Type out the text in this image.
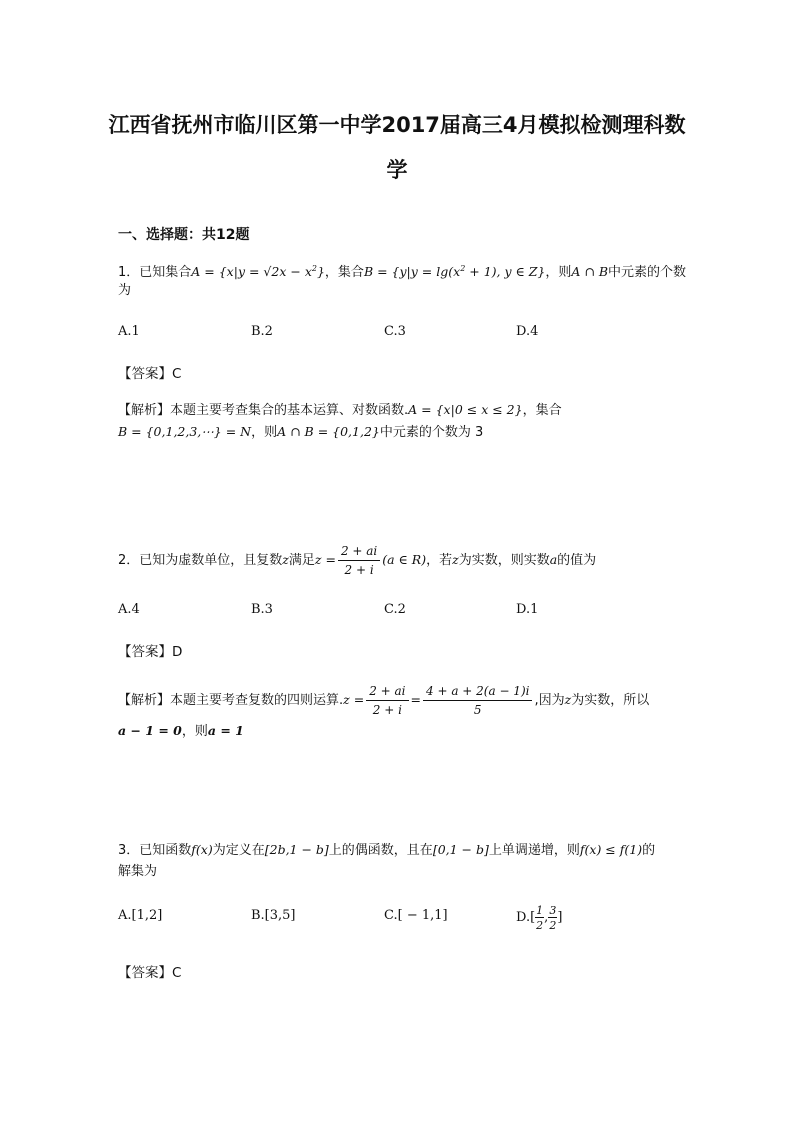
江西省抚州市临川区第一中学2017届高三4月模拟检测理科数学
一、选择题：共12题
1．已知集合$A = \{x|y = √2x - x^2\}$，集合$B = \{y|y = \lg(x^2 + 1)$, y ∈ Z}，则A ∩ B中元素的个数
为
A.1	B.2	C.3	D.4
【答案】C
【解析】本题主要考查集合的基本运算、对数函数.A = {x|0 ≤ x ≤ 2}，集合
B = {0,1,2,3,⋯} = N，则A ∩ B = {0,1,2}中元素的个数为 3
2．已知为虚数单位，且复数z满足$z = \frac{2 + ai}{2 + i} (a$ ∈ R)，若z为实数，则实数a的值为
A.4	B.3	C.2	D.1
【答案】D
【解析】本题主要考查复数的四则运算$.z = \frac{2 + ai}{2 + i} = \frac{4 + a + 2(a - 1)i}{5}$ ,因为z为实数，所以
a − 1 = 0，则a = 1
3．已知函数f(x)为定义在[2b,1 − b]上的偶函数，且在[0,1 − b]上单调递增，则f(x) ≤ f(1)的
解集为
A.[1,2]	B.[3,5]	C.[ − 1,1]	$D.[ \frac{1}{2}$ , $\frac{3}{2}$ ]
【答案】C
